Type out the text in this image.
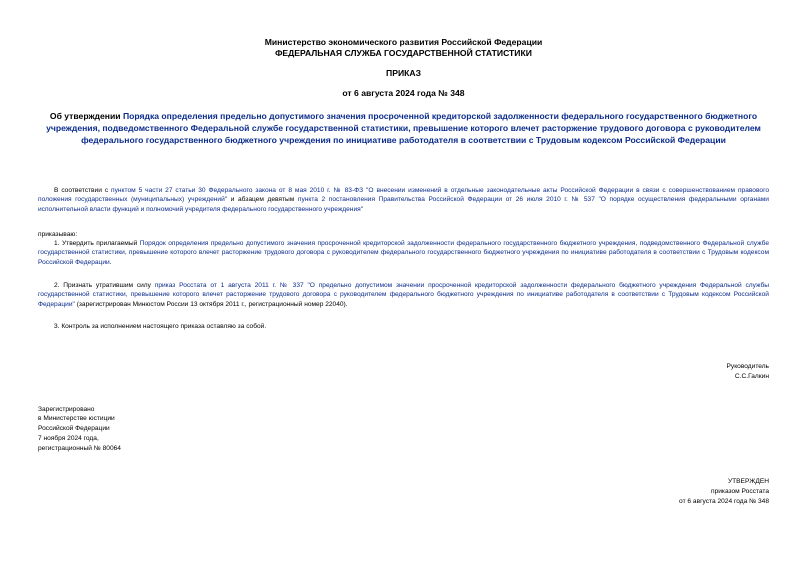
Министерство экономического развития Российской Федерации
ФЕДЕРАЛЬНАЯ СЛУЖБА ГОСУДАРСТВЕННОЙ СТАТИСТИКИ
ПРИКАЗ
от 6 августа 2024 года № 348
Об утверждении Порядка определения предельно допустимого значения просроченной кредиторской задолженности федерального государственного бюджетного учреждения, подведомственного Федеральной службе государственной статистики, превышение которого влечет расторжение трудового договора с руководителем федерального государственного бюджетного учреждения по инициативе работодателя в соответствии с Трудовым кодексом Российской Федерации
В соответствии с пунктом 5 части 27 статьи 30 Федерального закона от 8 мая 2010 г. № 83-ФЗ "О внесении изменений в отдельные законодательные акты Российской Федерации в связи с совершенствованием правового положения государственных (муниципальных) учреждений" и абзацем девятым пункта 2 постановления Правительства Российской Федерации от 26 июля 2010 г. № 537 "О порядке осуществления федеральными органами исполнительной власти функций и полномочий учредителя федерального государственного учреждения"
приказываю:
1. Утвердить прилагаемый Порядок определения предельно допустимого значения просроченной кредиторской задолженности федерального государственного бюджетного учреждения, подведомственного Федеральной службе государственной статистики, превышение которого влечет расторжение трудового договора с руководителем федерального государственного бюджетного учреждения по инициативе работодателя в соответствии с Трудовым кодексом Российской Федерации.
2. Признать утратившим силу приказ Росстата от 1 августа 2011 г. № 337 "О предельно допустимом значении просроченной кредиторской задолженности федерального бюджетного учреждения Федеральной службы государственной статистики, превышение которого влечет расторжение трудового договора с руководителем федерального бюджетного учреждения по инициативе работодателя в соответствии с Трудовым кодексом Российской Федерации" (зарегистрирован Минюстом России 13 октября 2011 г., регистрационный номер 22040).
3. Контроль за исполнением настоящего приказа оставляю за собой.
Руководитель
С.С.Галкин
Зарегистрировано
в Министерстве юстиции
Российской Федерации
7 ноября 2024 года,
регистрационный № 80064
УТВЕРЖДЕН
приказом Росстата
от 6 августа 2024 года № 348
